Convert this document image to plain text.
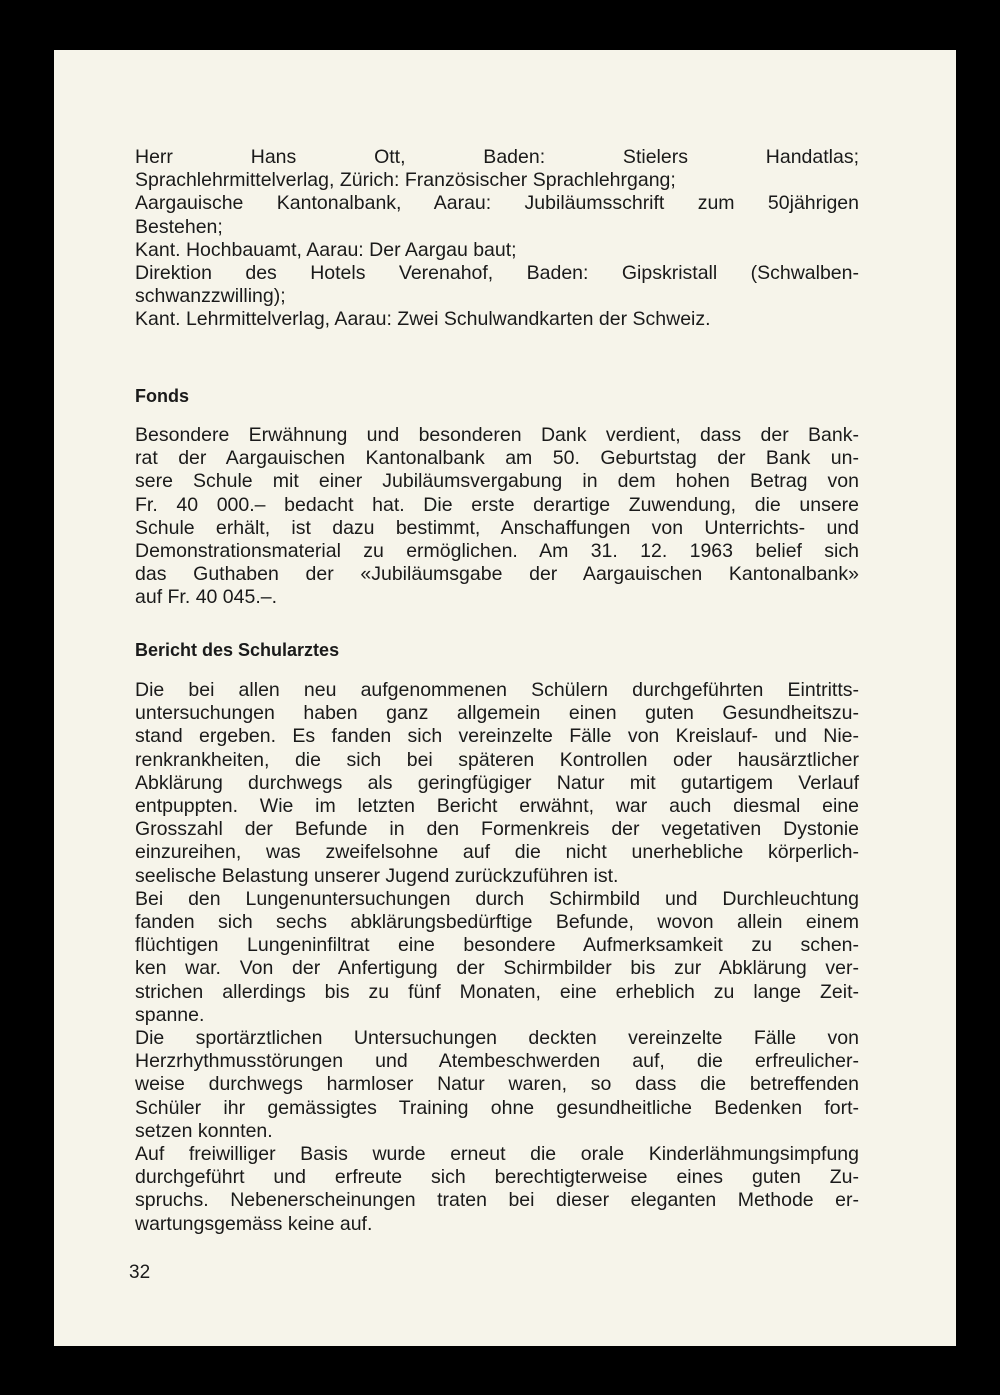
Herr Hans Ott, Baden: Stielers Handatlas;
Sprachlehrmittelverlag, Zürich: Französischer Sprachlehrgang;
Aargauische Kantonalbank, Aarau: Jubiläumsschrift zum 50jährigen
Bestehen;
Kant. Hochbauamt, Aarau: Der Aargau baut;
Direktion des Hotels Verenahof, Baden: Gipskristall (Schwalben-
schwanzzwilling);
Kant. Lehrmittelverlag, Aarau: Zwei Schulwandkarten der Schweiz.
Fonds
Besondere Erwähnung und besonderen Dank verdient, dass der Bank-
rat der Aargauischen Kantonalbank am 50. Geburtstag der Bank un-
sere Schule mit einer Jubiläumsvergabung in dem hohen Betrag von
Fr. 40 000.– bedacht hat. Die erste derartige Zuwendung, die unsere
Schule erhält, ist dazu bestimmt, Anschaffungen von Unterrichts- und
Demonstrationsmaterial zu ermöglichen. Am 31. 12. 1963 belief sich
das Guthaben der «Jubiläumsgabe der Aargauischen Kantonalbank»
auf Fr. 40 045.–.
Bericht des Schularztes
Die bei allen neu aufgenommenen Schülern durchgeführten Eintritts-
untersuchungen haben ganz allgemein einen guten Gesundheitszu-
stand ergeben. Es fanden sich vereinzelte Fälle von Kreislauf- und Nie-
renkrankheiten, die sich bei späteren Kontrollen oder hausärztlicher
Abklärung durchwegs als geringfügiger Natur mit gutartigem Verlauf
entpuppten. Wie im letzten Bericht erwähnt, war auch diesmal eine
Grosszahl der Befunde in den Formenkreis der vegetativen Dystonie
einzureihen, was zweifelsohne auf die nicht unerhebliche körperlich-
seelische Belastung unserer Jugend zurückzuführen ist.
Bei den Lungenuntersuchungen durch Schirmbild und Durchleuchtung
fanden sich sechs abklärungsbedürftige Befunde, wovon allein einem
flüchtigen Lungeninfiltrat eine besondere Aufmerksamkeit zu schen-
ken war. Von der Anfertigung der Schirmbilder bis zur Abklärung ver-
strichen allerdings bis zu fünf Monaten, eine erheblich zu lange Zeit-
spanne.
Die sportärztlichen Untersuchungen deckten vereinzelte Fälle von
Herzrhythmusstörungen und Atembeschwerden auf, die erfreulicher-
weise durchwegs harmloser Natur waren, so dass die betreffenden
Schüler ihr gemässigtes Training ohne gesundheitliche Bedenken fort-
setzen konnten.
Auf freiwilliger Basis wurde erneut die orale Kinderlähmungsimpfung
durchgeführt und erfreute sich berechtigterweise eines guten Zu-
spruchs. Nebenerscheinungen traten bei dieser eleganten Methode er-
wartungsgemäss keine auf.
32
